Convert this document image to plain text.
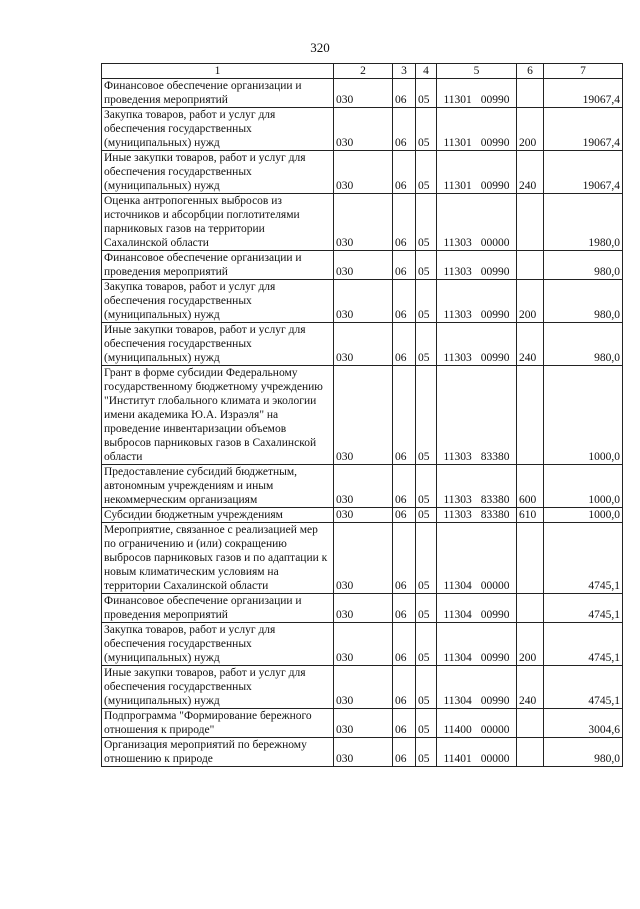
320
1	2	3	4	5	6	7
Финансовое обеспечение организации и проведения мероприятий	030	06	05	11301 00990		19067,4
Закупка товаров, работ и услуг для обеспечения государственных (муниципальных) нужд	030	06	05	11301 00990	200	19067,4
Иные закупки товаров, работ и услуг для обеспечения государственных (муниципальных) нужд	030	06	05	11301 00990	240	19067,4
Оценка антропогенных выбросов из источников и абсорбции поглотителями парниковых газов на территории Сахалинской области	030	06	05	11303 00000		1980,0
Финансовое обеспечение организации и проведения мероприятий	030	06	05	11303 00990		980,0
Закупка товаров, работ и услуг для обеспечения государственных (муниципальных) нужд	030	06	05	11303 00990	200	980,0
Иные закупки товаров, работ и услуг для обеспечения государственных (муниципальных) нужд	030	06	05	11303 00990	240	980,0
Грант в форме субсидии Федеральному государственному бюджетному учреждению "Институт глобального климата и экологии имени академика Ю.А. Израэля" на проведение инвентаризации объемов выбросов парниковых газов в Сахалинской области	030	06	05	11303 83380		1000,0
Предоставление субсидий бюджетным, автономным учреждениям и иным некоммерческим организациям	030	06	05	11303 83380	600	1000,0
Субсидии бюджетным учреждениям	030	06	05	11303 83380	610	1000,0
Мероприятие, связанное с реализацией мер по ограничению и (или) сокращению выбросов парниковых газов и по адаптации к новым климатическим условиям на территории Сахалинской области	030	06	05	11304 00000		4745,1
Финансовое обеспечение организации и проведения мероприятий	030	06	05	11304 00990		4745,1
Закупка товаров, работ и услуг для обеспечения государственных (муниципальных) нужд	030	06	05	11304 00990	200	4745,1
Иные закупки товаров, работ и услуг для обеспечения государственных (муниципальных) нужд	030	06	05	11304 00990	240	4745,1
Подпрограмма "Формирование бережного отношения к природе"	030	06	05	11400 00000		3004,6
Организация мероприятий по бережному отношению к природе	030	06	05	11401 00000		980,0
